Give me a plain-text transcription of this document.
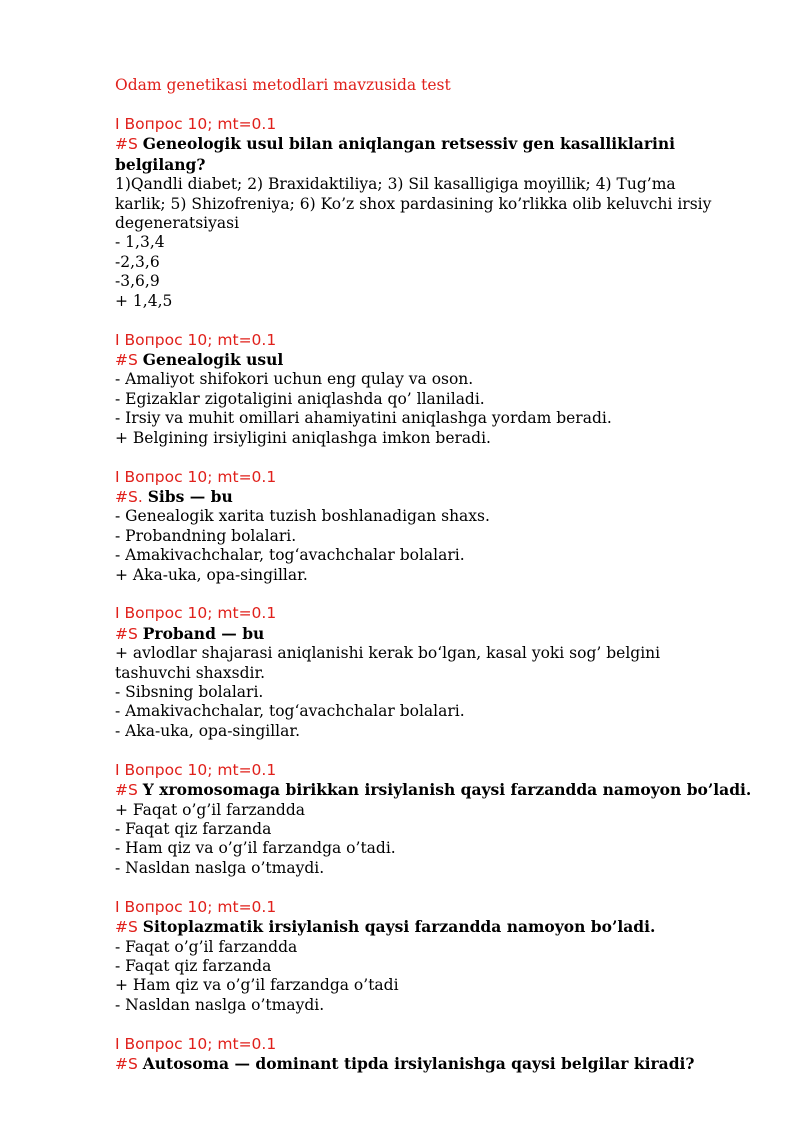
Odam genetikasi metodlari mavzusida test
I Вопрос 10; mt=0.1
#S Geneologik usul bilan aniqlangan retsessiv gen kasalliklarini belgilang?
1)Qandli diabet; 2) Braxidaktiliya; 3) Sil kasalligiga moyillik; 4) Tug’ma
karlik; 5) Shizofreniya; 6) Ko’z shox pardasining ko’rlikka olib keluvchi irsiy
degeneratsiyasi
- 1,3,4
-2,3,6
-3,6,9
+ 1,4,5
I Вопрос 10; mt=0.1
#S Genealogik usul
- Amaliyot shifokori uchun eng qulay va oson.
- Egizaklar zigotaligini aniqlashda qo’ llaniladi.
- Irsiy va muhit omillari ahamiyatini aniqlashga yordam beradi.
+ Belgining irsiyligini aniqlashga imkon beradi.
I Вопрос 10; mt=0.1
#S. Sibs — bu
- Genealogik xarita tuzish boshlanadigan shaxs.
- Probandning bolalari.
- Amakivachchalar, tog‘avachchalar bolalari.
+ Aka-uka, opa-singillar.
I Вопрос 10; mt=0.1
#S Proband — bu
+ avlodlar shajarasi aniqlanishi kerak bo‘lgan, kasal yoki sog’ belgini
tashuvchi shaxsdir.
- Sibsning bolalari.
- Amakivachchalar, tog‘avachchalar bolalari.
- Aka-uka, opa-singillar.
I Вопрос 10; mt=0.1
#S Y xromosomaga birikkan irsiylanish qaysi farzandda namoyon bo’ladi.
+ Faqat o’g’il farzandda
- Faqat qiz farzanda
- Ham qiz va o’g’il farzandga o’tadi.
- Nasldan naslga o’tmaydi.
I Вопрос 10; mt=0.1
#S Sitoplazmatik irsiylanish qaysi farzandda namoyon bo’ladi.
- Faqat o’g’il farzandda
- Faqat qiz farzanda
+ Ham qiz va o’g’il farzandga o’tadi
- Nasldan naslga o’tmaydi.
I Вопрос 10; mt=0.1
#S Autosoma — dominant tipda irsiylanishga qaysi belgilar kiradi?
